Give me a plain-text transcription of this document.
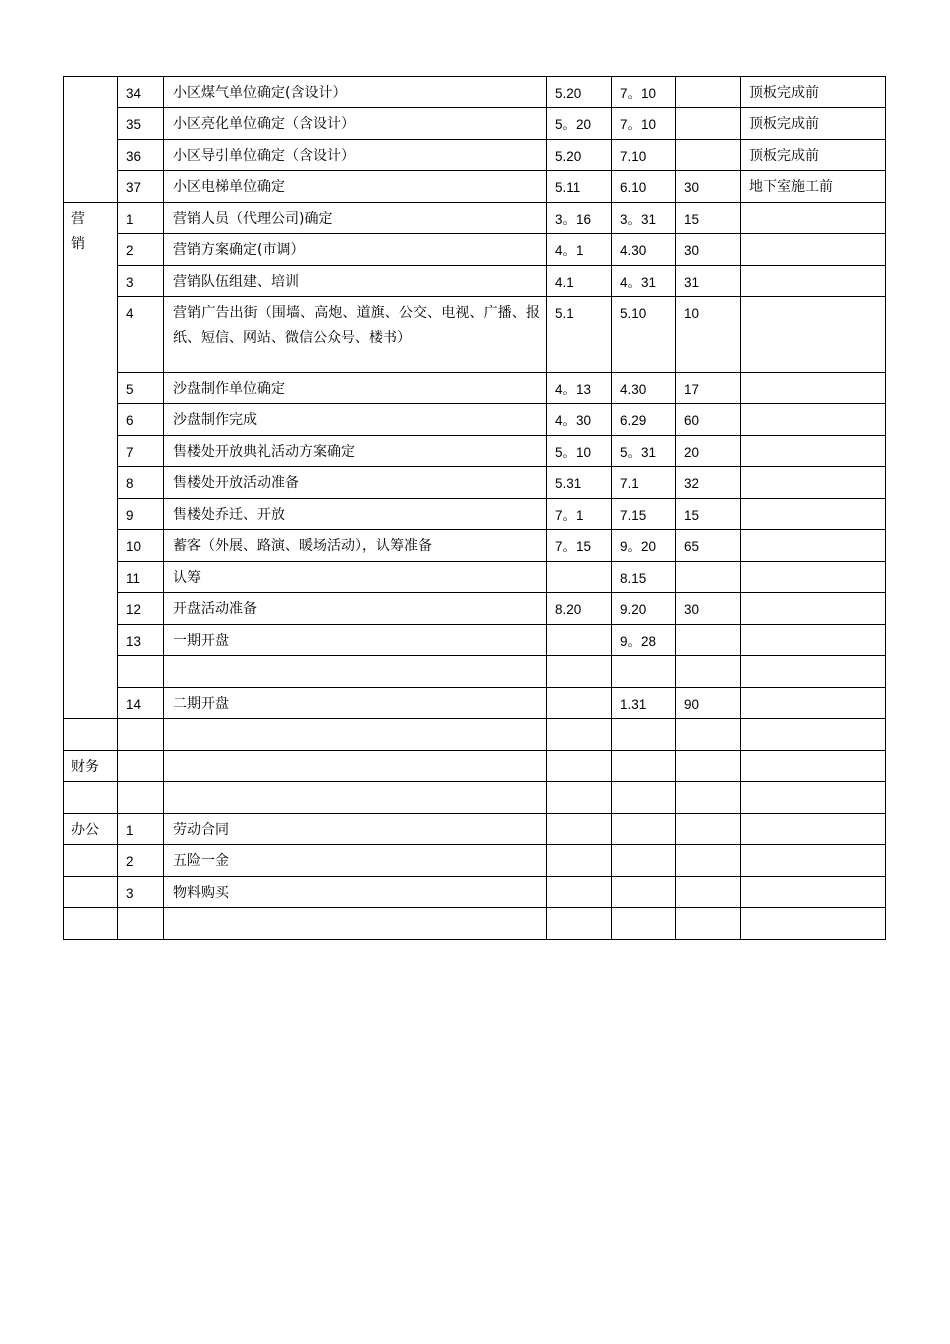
	34	小区煤气单位确定(含设计）	5.20	7。10		顶板完成前
	35	小区亮化单位确定（含设计）	5。20	7。10		顶板完成前
	36	小区导引单位确定（含设计）	5.20	7.10		顶板完成前
	37	小区电梯单位确定	5.11	6.10	30	地下室施工前
营销	1	营销人员（代理公司)确定	3。16	3。31	15	
	2	营销方案确定(市调）	4。1	4.30	30	
	3	营销队伍组建、培训	4.1	4。31	31	
	4	营销广告出街（围墙、高炮、道旗、公交、电视、广播、报纸、短信、网站、微信公众号、楼书）	5.1	5.10	10	
	5	沙盘制作单位确定	4。13	4.30	17	
	6	沙盘制作完成	4。30	6.29	60	
	7	售楼处开放典礼活动方案确定	5。10	5。31	20	
	8	售楼处开放活动准备	5.31	7.1	32	
	9	售楼处乔迁、开放	7。1	7.15	15	
	10	蓄客（外展、路演、暖场活动），认筹准备	7。15	9。20	65	
	11	认筹		8.15		
	12	开盘活动准备	8.20	9.20	30	
	13	一期开盘		9。28		

	14	二期开盘		1.31	90	

财务						

办公	1	劳动合同				
	2	五险一金				
	3	物料购买				
